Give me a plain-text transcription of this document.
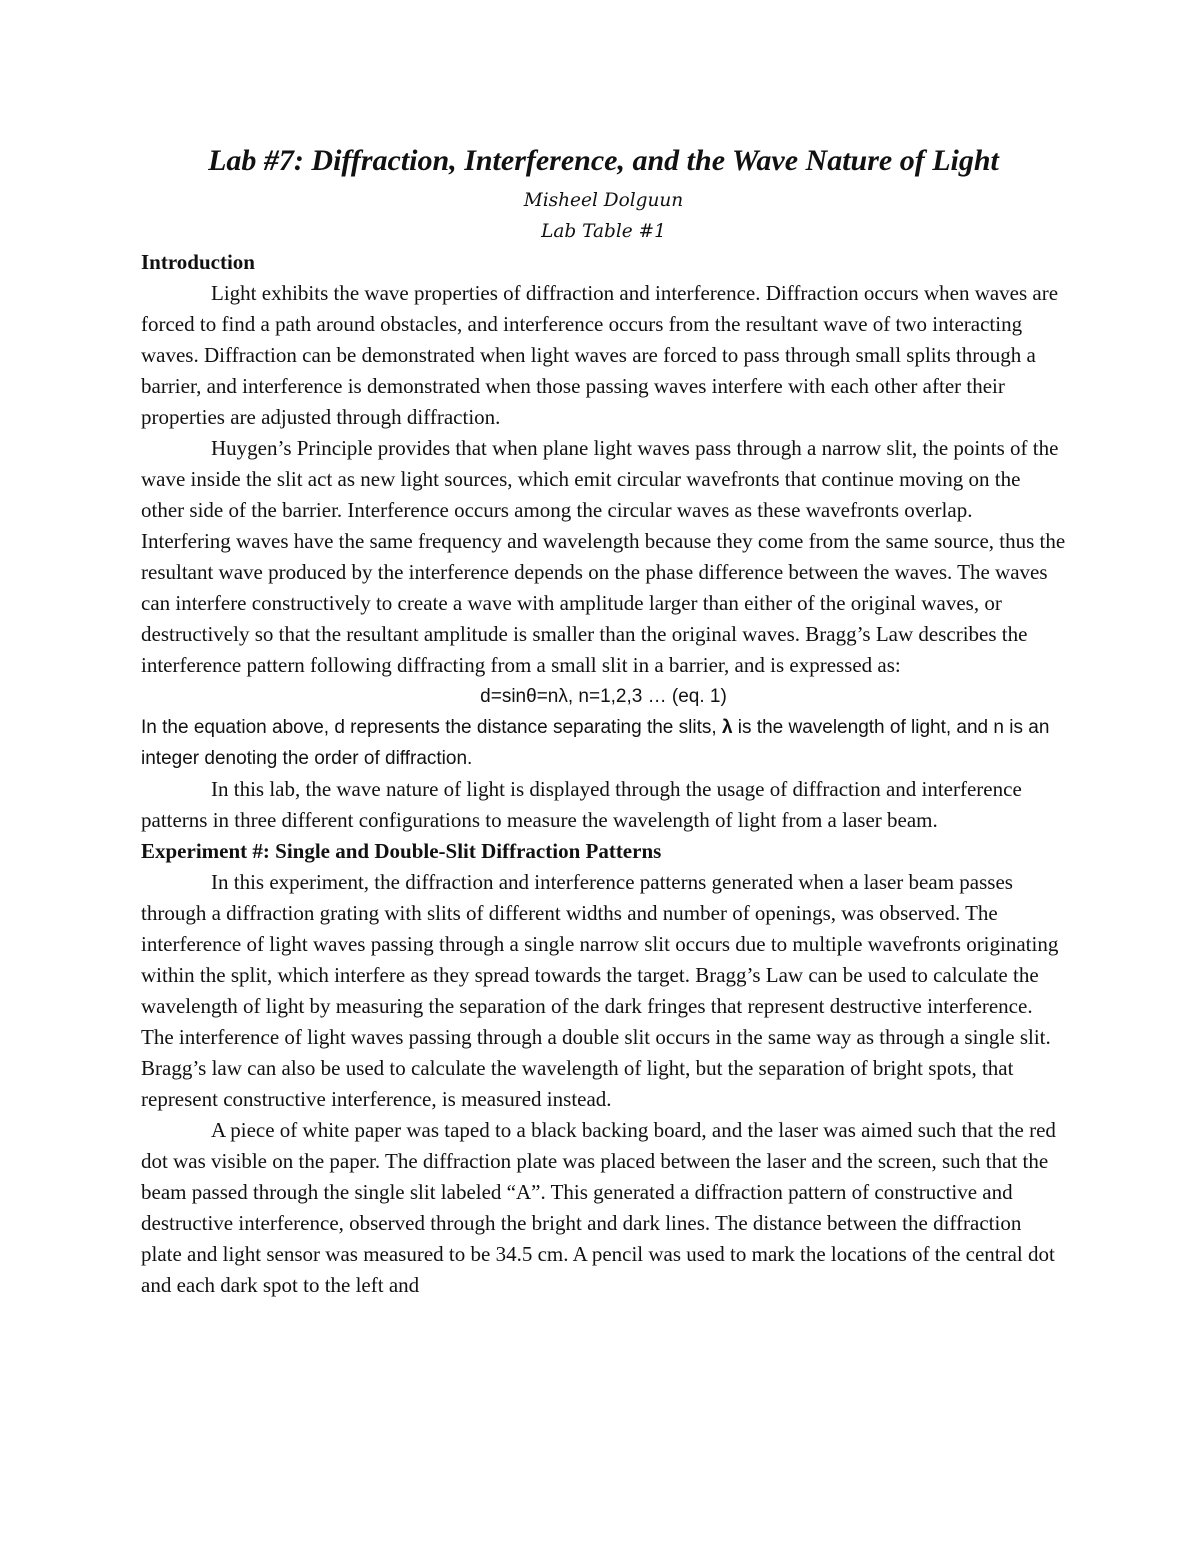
Lab #7: Diffraction, Interference, and the Wave Nature of Light

Misheel Dolguun

Lab Table #1

Introduction

Light exhibits the wave properties of diffraction and interference. Diffraction occurs when waves are forced to find a path around obstacles, and interference occurs from the resultant wave of two interacting waves. Diffraction can be demonstrated when light waves are forced to pass through small splits through a barrier, and interference is demonstrated when those passing waves interfere with each other after their properties are adjusted through diffraction.

Huygen’s Principle provides that when plane light waves pass through a narrow slit, the points of the wave inside the slit act as new light sources, which emit circular wavefronts that continue moving on the other side of the barrier. Interference occurs among the circular waves as these wavefronts overlap. Interfering waves have the same frequency and wavelength because they come from the same source, thus the resultant wave produced by the interference depends on the phase difference between the waves. The waves can interfere constructively to create a wave with amplitude larger than either of the original waves, or destructively so that the resultant amplitude is smaller than the original waves. Bragg’s Law describes the interference pattern following diffracting from a small slit in a barrier, and is expressed as:

d=sinθ=nλ, n=1,2,3 … (eq. 1)

In the equation above, d represents the distance separating the slits, λ is the wavelength of light, and n is an integer denoting the order of diffraction.

In this lab, the wave nature of light is displayed through the usage of diffraction and interference patterns in three different configurations to measure the wavelength of light from a laser beam.

Experiment #: Single and Double-Slit Diffraction Patterns

In this experiment, the diffraction and interference patterns generated when a laser beam passes through a diffraction grating with slits of different widths and number of openings, was observed. The interference of light waves passing through a single narrow slit occurs due to multiple wavefronts originating within the split, which interfere as they spread towards the target. Bragg’s Law can be used to calculate the wavelength of light by measuring the separation of the dark fringes that represent destructive interference. The interference of light waves passing through a double slit occurs in the same way as through a single slit. Bragg’s law can also be used to calculate the wavelength of light, but the separation of bright spots, that represent constructive interference, is measured instead.

A piece of white paper was taped to a black backing board, and the laser was aimed such that the red dot was visible on the paper. The diffraction plate was placed between the laser and the screen, such that the beam passed through the single slit labeled “A”. This generated a diffraction pattern of constructive and destructive interference, observed through the bright and dark lines. The distance between the diffraction plate and light sensor was measured to be 34.5 cm. A pencil was used to mark the locations of the central dot and each dark spot to the left and
